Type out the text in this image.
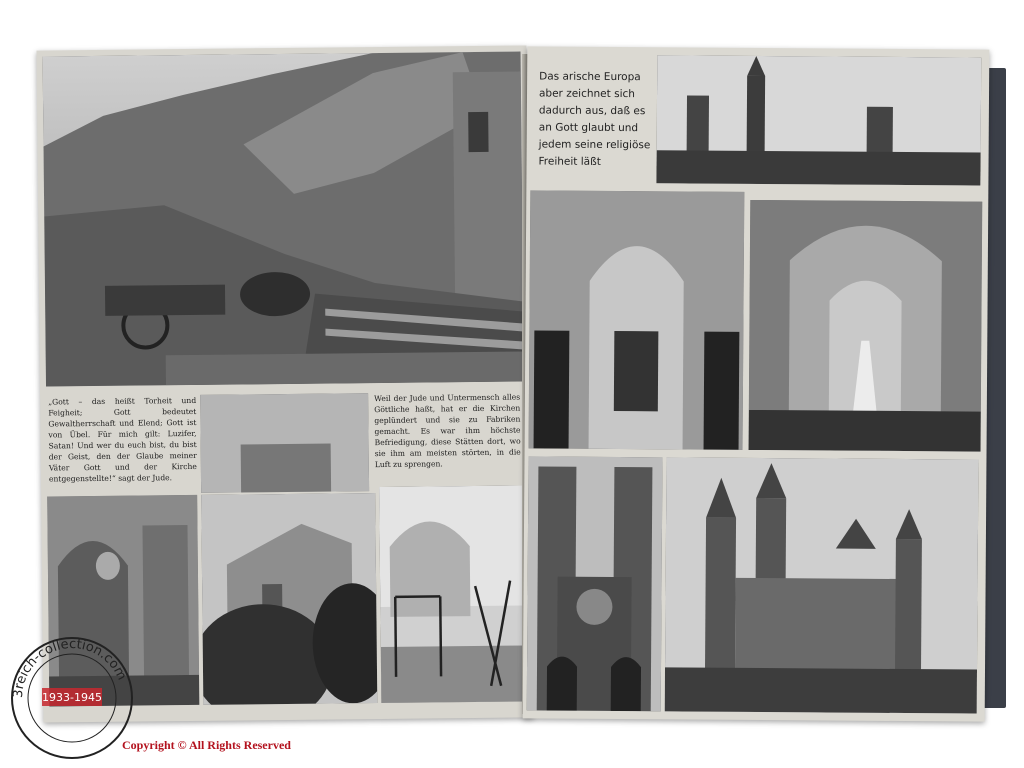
„Gott – das heißt Torheit und Feigheit; Gott bedeutet Gewaltherrschaft und Elend; Gott ist von Übel. Für mich gilt: Luzifer, Satan! Und wer du euch bist, du bist der Geist, den der Glaube meiner Väter Gott und der Kirche entgegenstellte!“ sagt der Jude.
Weil der Jude und Untermensch alles Göttliche haßt, hat er die Kirchen geplündert und sie zu Fabriken gemacht. Es war ihm höchste Befriedigung, diese Stätten dort, wo sie ihm am meisten störten, in die Luft zu sprengen.
Das arische Europa aber zeichnet sich dadurch aus, daß es an Gott glaubt und jedem seine religiöse Freiheit läßt
3reich-collection.com
1933-1945
Copyright © All Rights Reserved
